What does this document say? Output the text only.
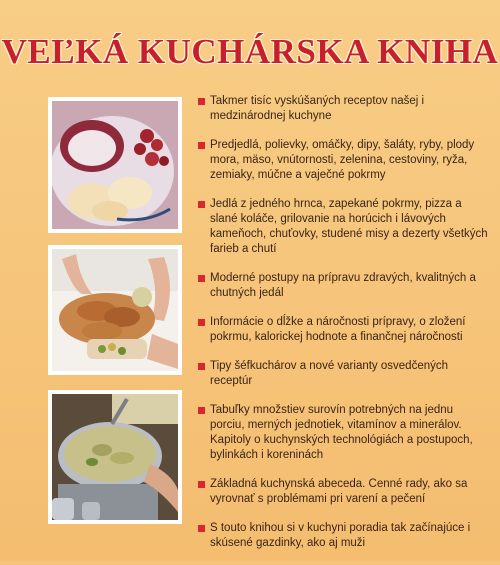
VEĽKÁ KUCHÁRSKA KNIHA
Takmer tisíc vyskúšaných receptov našej i medzinárodnej kuchyne
Predjedlá, polievky, omáčky, dipy, šaláty, ryby, plody mora, mäso, vnútornosti, zelenina, cestoviny, ryža, zemiaky, múčne a vaječné pokrmy
Jedlá z jedného hrnca, zapekané pokrmy, pizza a slané koláče, grilovanie na horúcich i lávových kameňoch, chuťovky, studené misy a dezerty všetkých farieb a chutí
Moderné postupy na prípravu zdravých, kvalitných a chutných jedál
Informácie o dĺžke a náročnosti prípravy, o zložení pokrmu, kalorickej hodnote a finančnej náročnosti
Tipy šéfkuchárov a nové varianty osvedčených receptúr
Tabuľky množstiev surovín potrebných na jednu porciu, merných jednotiek, vitamínov a minerálov. Kapitoly o kuchynských technológiách a postupoch, bylinkách i koreninách
Základná kuchynská abeceda. Cenné rady, ako sa vyrovnať s problémami pri varení a pečení
S touto knihou si v kuchyni poradia tak začínajúce i skúsené gazdinky, ako aj muži
